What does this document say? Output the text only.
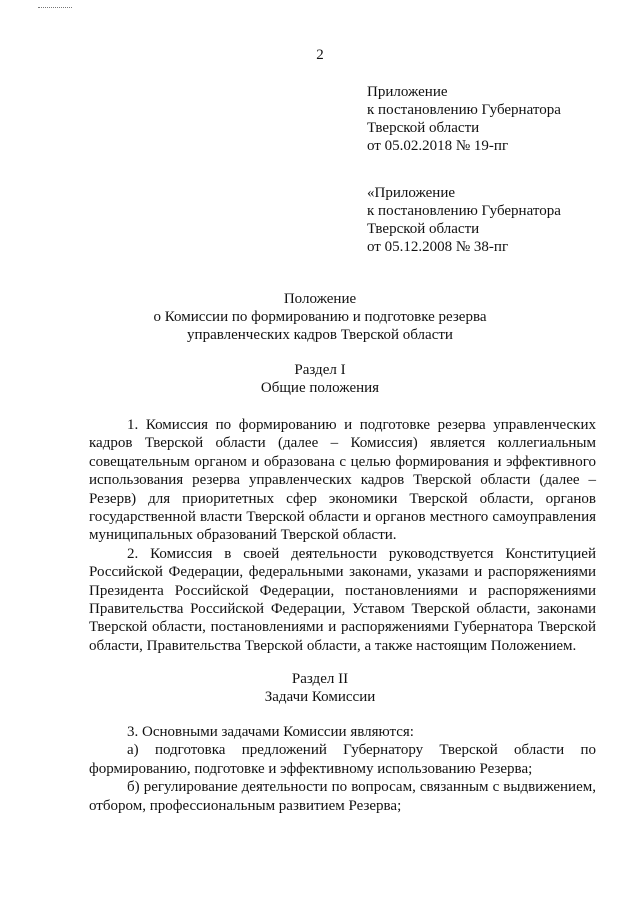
2
Приложение
к постановлению Губернатора
Тверской области
от 05.02.2018 № 19-пг
«Приложение
к постановлению Губернатора
Тверской области
от 05.12.2008 № 38-пг
Положение
о Комиссии по формированию и подготовке резерва
управленческих кадров Тверской области
Раздел I
Общие положения

1. Комиссия по формированию и подготовке резерва управленческих кадров Тверской области (далее – Комиссия) является коллегиальным совещательным органом и образована с целью формирования и эффективного использования резерва управленческих кадров Тверской области (далее – Резерв) для приоритетных сфер экономики Тверской области, органов государственной власти Тверской области и органов местного самоуправления муниципальных образований Тверской области.

2. Комиссия в своей деятельности руководствуется Конституцией Российской Федерации, федеральными законами, указами и распоряжениями Президента Российской Федерации, постановлениями и распоряжениями Правительства Российской Федерации, Уставом Тверской области, законами Тверской области, постановлениями и распоряжениями Губернатора Тверской области, Правительства Тверской области, а также настоящим Положением.

Раздел II
Задачи Комиссии

3. Основными задачами Комиссии являются:

а) подготовка предложений Губернатору Тверской области по формированию, подготовке и эффективному использованию Резерва;

б) регулирование деятельности по вопросам, связанным с выдвижением, отбором, профессиональным развитием Резерва;
